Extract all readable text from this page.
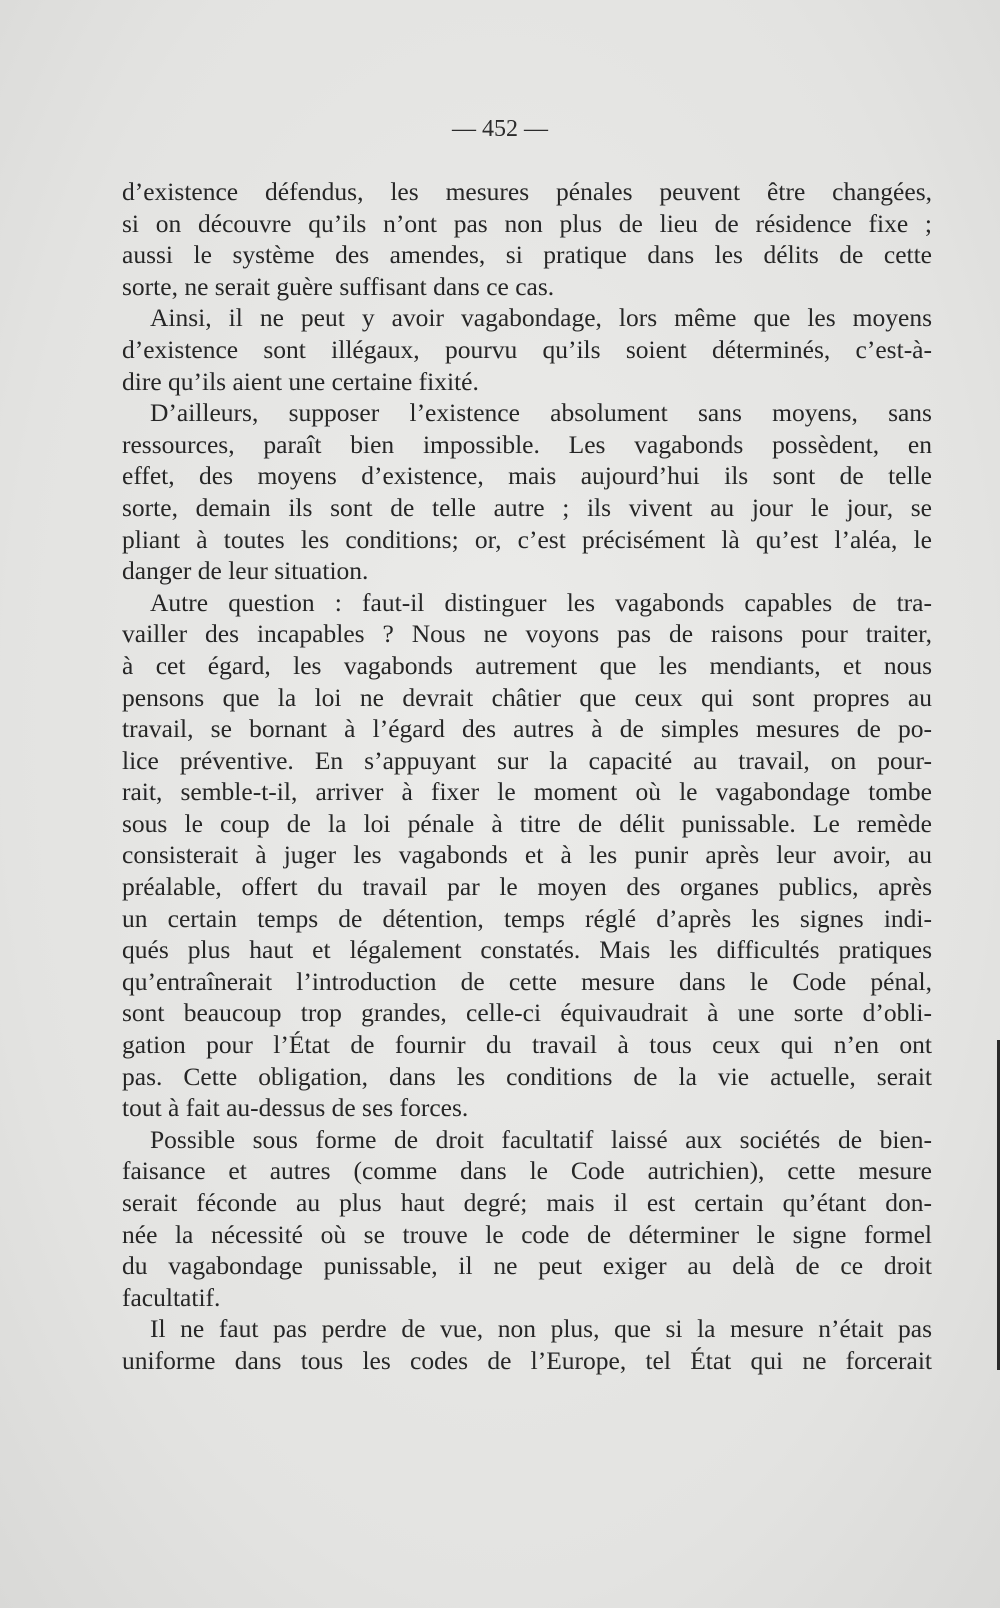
— 452 —

d’existence défendus, les mesures pénales peuvent être changées,
si on découvre qu’ils n’ont pas non plus de lieu de résidence fixe ;
aussi le système des amendes, si pratique dans les délits de cette
sorte, ne serait guère suffisant dans ce cas.
Ainsi, il ne peut y avoir vagabondage, lors même que les moyens
d’existence sont illégaux, pourvu qu’ils soient déterminés, c’est-à-
dire qu’ils aient une certaine fixité.
D’ailleurs, supposer l’existence absolument sans moyens, sans
ressources, paraît bien impossible. Les vagabonds possèdent, en
effet, des moyens d’existence, mais aujourd’hui ils sont de telle
sorte, demain ils sont de telle autre ; ils vivent au jour le jour, se
pliant à toutes les conditions; or, c’est précisément là qu’est l’aléa, le
danger de leur situation.
Autre question : faut-il distinguer les vagabonds capables de tra-
vailler des incapables ? Nous ne voyons pas de raisons pour traiter,
à cet égard, les vagabonds autrement que les mendiants, et nous
pensons que la loi ne devrait châtier que ceux qui sont propres au
travail, se bornant à l’égard des autres à de simples mesures de po-
lice préventive. En s’appuyant sur la capacité au travail, on pour-
rait, semble-t-il, arriver à fixer le moment où le vagabondage tombe
sous le coup de la loi pénale à titre de délit punissable. Le remède
consisterait à juger les vagabonds et à les punir après leur avoir, au
préalable, offert du travail par le moyen des organes publics, après
un certain temps de détention, temps réglé d’après les signes indi-
qués plus haut et légalement constatés. Mais les difficultés pratiques
qu’entraînerait l’introduction de cette mesure dans le Code pénal,
sont beaucoup trop grandes, celle-ci équivaudrait à une sorte d’obli-
gation pour l’État de fournir du travail à tous ceux qui n’en ont
pas. Cette obligation, dans les conditions de la vie actuelle, serait
tout à fait au-dessus de ses forces.
Possible sous forme de droit facultatif laissé aux sociétés de bien-
faisance et autres (comme dans le Code autrichien), cette mesure
serait féconde au plus haut degré; mais il est certain qu’étant don-
née la nécessité où se trouve le code de déterminer le signe formel
du vagabondage punissable, il ne peut exiger au delà de ce droit
facultatif.
Il ne faut pas perdre de vue, non plus, que si la mesure n’était pas
uniforme dans tous les codes de l’Europe, tel État qui ne forcerait
